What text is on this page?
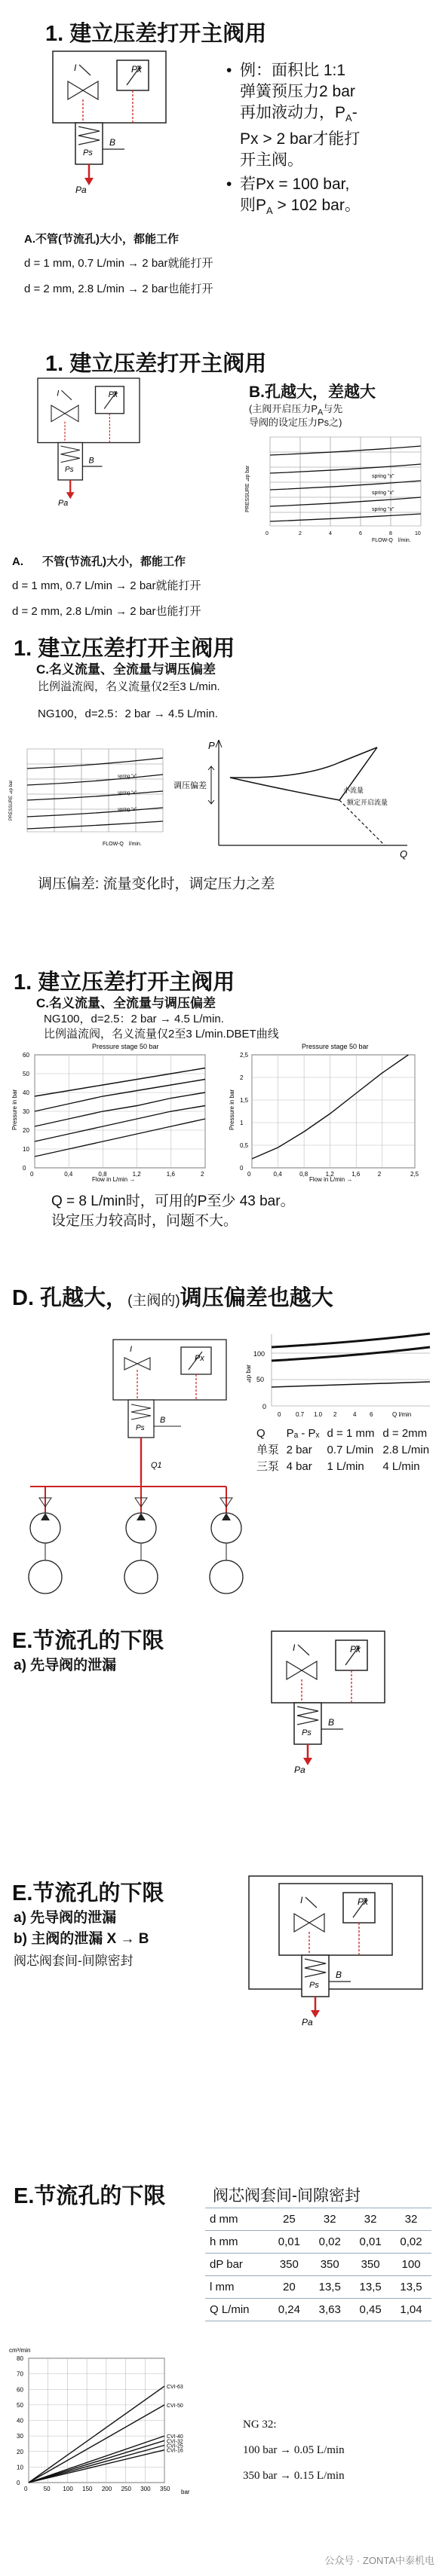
1. 建立压差打开主阀用
• 例：面积比 1:1
弹簧预压力2 bar
再加液动力，$P_A-$
Px > 2 bar才能打
开主阀。
• 若Px = 100 bar,
则$P_A > 102$ bar。
A.不管(节流孔)大小，都能工作
d = 1 mm, 0.7 L/min → 2 bar就能打开
d = 2 mm, 2.8 L/min → 2 bar也能打开
1. 建立压差打开主阀用
B.孔越大，差越大
(主阀开启压力$P_A$与先
导阀的设定压力Ps之)
spring "x"
spring "x"
spring "x"
PRESSURE ⊿p bar
0	2	4	6	8	10
FLOW-Q l/min.
A. 不管(节流孔)大小，都能工作
d = 1 mm, 0.7 L/min → 2 bar就能打开
d = 2 mm, 2.8 L/min → 2 bar也能打开
1. 建立压差打开主阀用
C.名义流量、全流量与调压偏差
比例溢流阀，名义流量仅2至3 L/min.
NG100，d=2.5：2 bar → 4.5 L/min.
spring "x"
spring "x"
spring "x"
PRESSURE ⊿p bar
FLOW-Q l/min.
调压偏差	小流量
额定开启流量
P
Q
调压偏差: 流量变化时，调定压力之差
1. 建立压差打开主阀用
C.名义流量、全流量与调压偏差
NG100，d=2.5：2 bar → 4.5 L/min.
比例溢流阀，名义流量仅2至3 L/min.DBET曲线
Pressure stage 50 bar
0	0,4	0,8	1,2	1,6	2
0
10
20
30
40
50
60
Pressure in bar
Flow in L/min →
Pressure stage 50 bar
0	0,4	0,8	1,2	1,6	2	2,5
0
0,5
1
1,5
2
2,5
Pressure in bar
Flow in L/min →
Q = 8 L/min时，可用的P至少 43 bar。
设定压力较高时，问题不大。
D. 孔越大，(主阀的)调压偏差也越大
Px
I
Ps
B
Q1
100
50
0
⊿p bar
0 0.7 1.0 2	4 6	Q l/min
Q	Pₐ - Pₓ	d = 1 mm	d = 2mm
单泵	2 bar	0.7 L/min	2.8 L/min
三泵	4 bar	1 L/min	4 L/min
E.节流孔的下限
a) 先导阀的泄漏
E.节流孔的下限
a) 先导阀的泄漏
b) 主阀的泄漏 X → B
阀芯阀套间-间隙密封
E.节流孔的下限	阀芯阀套间-间隙密封
d mm	25	32	32	32
h mm	0,01	0,02	0,01	0,02
dP bar	350	350	350	100
l mm	20	13,5	13,5	13,5
Q L/min	0,24	3,63	0,45	1,04
cm³/min
CVI-63
CVI-50
CVI-40
CVI-32
CVI-25
CVI-16
0	50 100 150 200 250 300 350
0
10
20
30
40
50
60
70
80
bar
NG 32:
100 bar → 0.05 L/min
350 bar → 0.15 L/min
公众号 · ZONTA中泰机电
